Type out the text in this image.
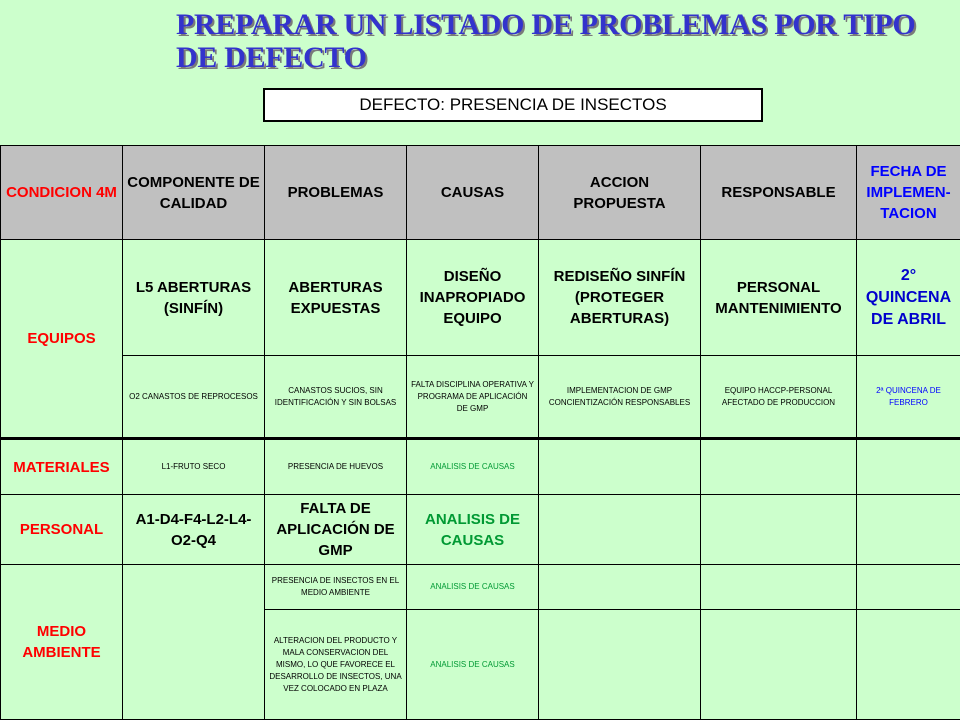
PREPARAR UN LISTADO DE PROBLEMAS POR TIPO DE DEFECTO
DEFECTO: PRESENCIA DE INSECTOS
CONDICION 4M	COMPONENTE DE CALIDAD	PROBLEMAS	CAUSAS	ACCION PROPUESTA	RESPONSABLE	FECHA DE IMPLEMEN-TACION
EQUIPOS	L5 ABERTURAS (SINFÍN)	ABERTURAS EXPUESTAS	DISEÑO INAPROPIADO EQUIPO	REDISEÑO SINFÍN (PROTEGER ABERTURAS)	PERSONAL MANTENIMIENTO	2° QUINCENA DE ABRIL
	O2 CANASTOS DE REPROCESOS	CANASTOS SUCIOS, SIN IDENTIFICACIÓN Y SIN BOLSAS	FALTA DISCIPLINA OPERATIVA Y PROGRAMA DE APLICACIÓN DE GMP	IMPLEMENTACION DE GMP CONCIENTIZACIÓN RESPONSABLES	EQUIPO HACCP-PERSONAL AFECTADO DE PRODUCCION	2ª QUINCENA DE FEBRERO
MATERIALES	L1-FRUTO SECO	PRESENCIA DE HUEVOS	ANALISIS DE CAUSAS			
PERSONAL	A1-D4-F4-L2-L4-O2-Q4	FALTA DE APLICACIÓN DE GMP	ANALISIS DE CAUSAS			
MEDIO AMBIENTE		PRESENCIA DE INSECTOS EN EL MEDIO AMBIENTE	ANALISIS DE CAUSAS			
		ALTERACION DEL PRODUCTO Y MALA CONSERVACION DEL MISMO, LO QUE FAVORECE EL DESARROLLO DE INSECTOS, UNA VEZ COLOCADO EN PLAZA	ANALISIS DE CAUSAS			
